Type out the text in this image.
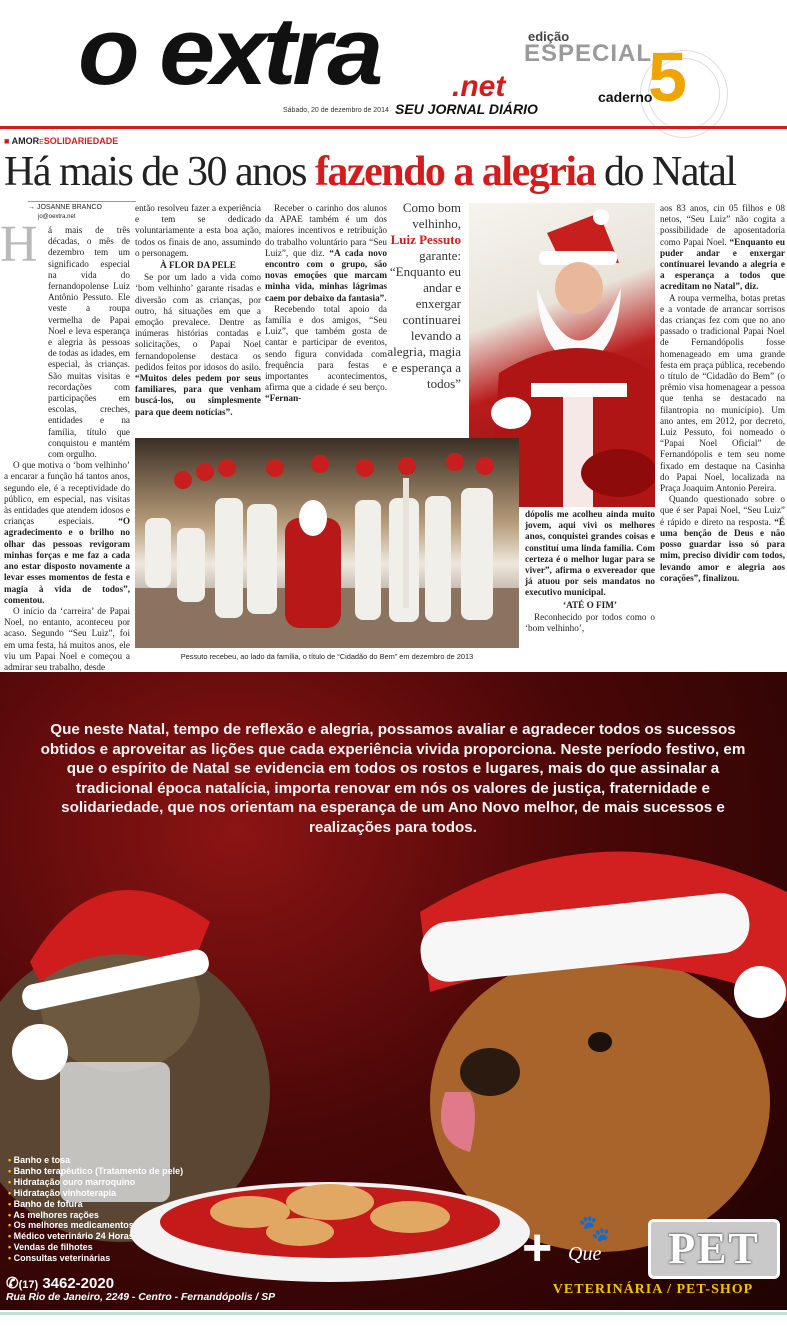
o extra .net
Sábado, 20 de dezembro de 2014 SEU JORNAL DIÁRIO
edição
ESPECIAL
caderno
5
■ AMORESOLIDARIEDADE
Há mais de 30 anos fazendo a alegria do Natal
→ JOSANNE BRANCO
jo@oextra.net
H	á mais de três décadas, o mês de dezembro tem um significado especial na vida do fernandopolense Luiz Antônio Pessuto. Ele veste a roupa vermelha de Papai Noel e leva esperança e alegria às pessoas de todas as idades, em especial, às crianças. São muitas visitas e recordações com participações em escolas, creches, entidades e na família, título que conquistou e mantém com orgulho.

O que motiva o ‘bom velhinho’ a encarar a função há tantos anos, segundo ele, é a receptividade do público, em especial, nas visitas às entidades que atendem idosos e crianças especiais. “O agradecimento e o brilho no olhar das pessoas revigoram minhas forças e me faz a cada ano estar disposto novamente a levar esses momentos de festa e magia à vida de todos”, comentou.

O início da ‘carreira’ de Papai Noel, no entanto, aconteceu por acaso. Segundo “Seu Luiz”, foi em uma festa, há muitos anos, ele viu um Papai Noel e começou a admirar seu trabalho, desde

então resolveu fazer a experiência e tem se dedicado voluntariamente a esta boa ação, todos os finais de ano, assumindo o personagem.

À FLOR DA PELE

Se por um lado a vida como ‘bom velhinho’ garante risadas e diversão com as crianças, por outro, há situações em que a emoção prevalece. Dentre as inúmeras histórias contadas e solicitações, o Papai Noel fernandopolense destaca os pedidos feitos por idosos do asilo. “Muitos deles pedem por seus familiares, para que venham buscá-los, ou simplesmente para que deem notícias”.

Receber o carinho dos alunos da APAE também é um dos maiores incentivos e retribuição do trabalho voluntário para “Seu Luiz”, que diz. “A cada novo encontro com o grupo, são novas emoções que marcam minha vida, minhas lágrimas caem por debaixo da fantasia”.

Recebendo total apoio da família e dos amigos, “Seu Luiz”, que também gosta de cantar e participar de eventos, sendo figura convidada com frequência para festas e importantes acontecimentos, afirma que a cidade é seu berço. “Fernan-

Como bom velhinho, Luiz Pessuto garante: “Enquanto eu andar e enxergar continuarei levando a alegria, magia e esperança a todos”
Pessuto recebeu, ao lado da família, o título de “Cidadão do Bem” em dezembro de 2013

dópolis me acolheu ainda muito jovem, aqui vivi os melhores anos, conquistei grandes coisas e constituí uma linda família. Com certeza é o melhor lugar para se viver”, afirma o exvereador que já atuou por seis mandatos no executivo municipal.

‘ATÉ O FIM’

Reconhecido por todos como o ‘bom velhinho’,

aos 83 anos, cin 05 filhos e 08 netos, “Seu Luiz” não cogita a possibilidade de aposentadoria como Papai Noel. “Enquanto eu puder andar e enxergar continuarei levando a alegria e a esperança a todos que acreditam no Natal”, diz.

A roupa vermelha, botas pretas e a vontade de arrancar sorrisos das crianças fez com que no ano passado o tradicional Papai Noel de Fernandópolis fosse homenageado em uma grande festa em praça pública, recebendo o título de “Cidadão do Bem” (o prêmio visa homenagear a pessoa que tenha se destacado na filantropia no município). Um ano antes, em 2012, por decreto, Luiz Pessuto, foi nomeado o “Papai Noel Oficial” de Fernandópolis e tem seu nome fixado em destaque na Casinha do Papai Noel, localizada na Praça Joaquim Antonio Pereira.

Quando questionado sobre o que é ser Papai Noel, “Seu Luiz” é rápido e direto na resposta. “É uma benção de Deus e não posso guardar isso só para mim, preciso dividir com todos, levando amor e alegria aos corações”, finalizou.

Que neste Natal, tempo de reflexão e alegria, possamos avaliar e agradecer todos os sucessos obtidos e aproveitar as lições que cada experiência vivida proporciona. Neste período festivo, em que o espírito de Natal se evidencia em todos os rostos e lugares, mais do que assinalar a tradicional época natalícia, importa renovar em nós os valores de justiça, fraternidade e solidariedade, que nos orientam na esperança de um Ano Novo melhor, de mais sucessos e realizações para todos.
• Banho e tosa
• Banho terapêutico (Tratamento de pele)
• Hidratação ouro marroquino
• Hidratação vinhoterapia
• Banho de fofura
• As melhores rações
• Os melhores medicamentos
• Médico veterinário 24 Horas
• Vendas de filhotes
• Consultas veterinárias
✆(17) 3462-2020
Rua Rio de Janeiro, 2249 - Centro - Fernandópolis / SP
+ 🐾
Que	PET
VETERINÁRIA / PET-SHOP
